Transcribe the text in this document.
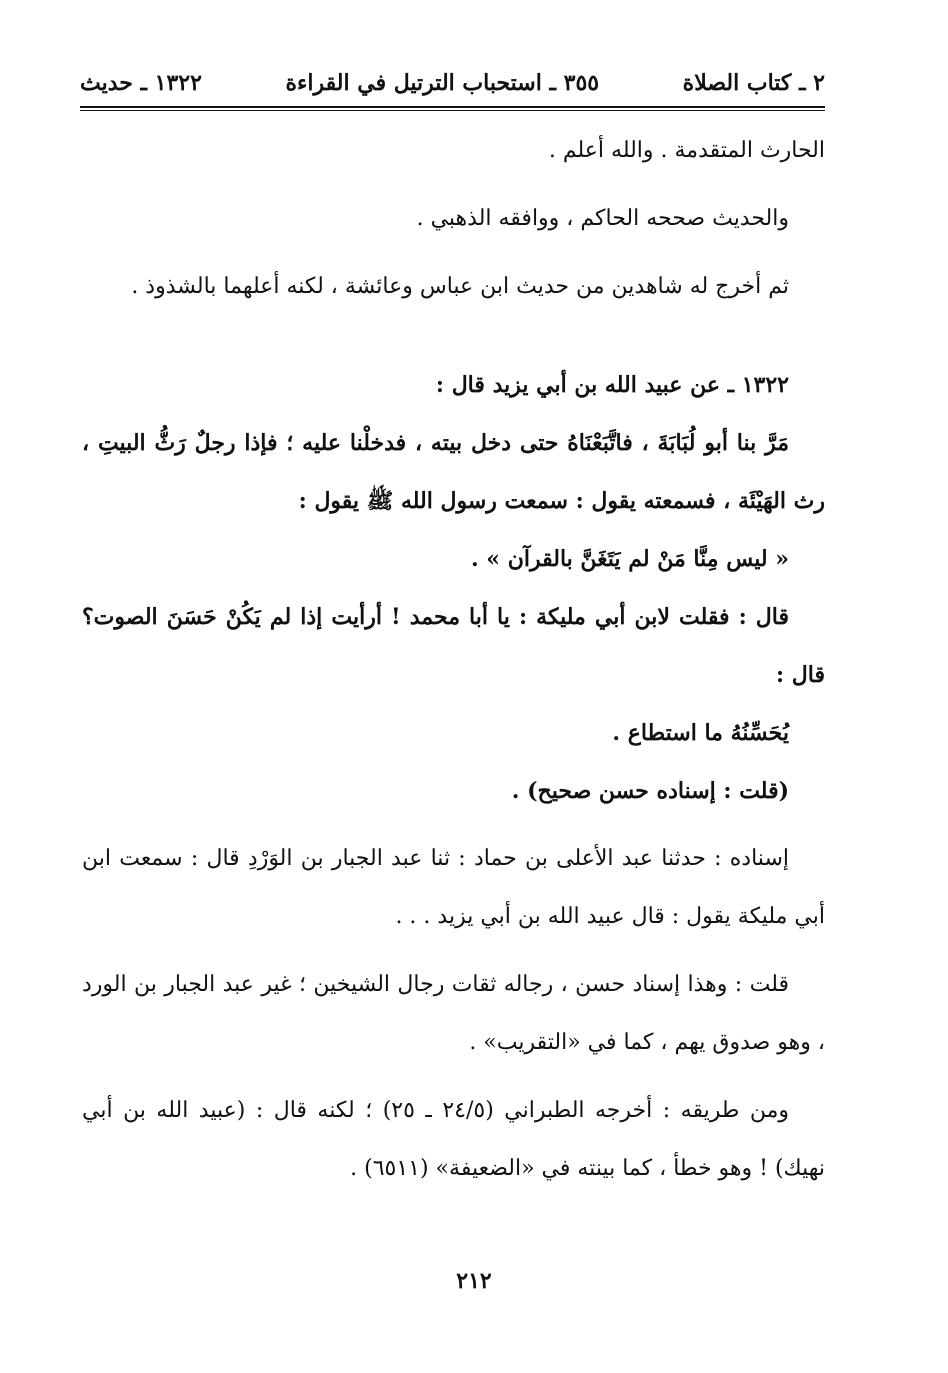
٢ ـ كتاب الصلاة
٣٥٥ ـ استحباب الترتيل في القراءة
١٣٢٢ ـ حديث

الحارث المتقدمة . والله أعلم .

والحديث صححه الحاكم ، ووافقه الذهبي .

ثم أخرج له شاهدين من حديث ابن عباس وعائشة ، لكنه أعلهما بالشذوذ .

١٣٢٢ ـ عن عبيد الله بن أبي يزيد قال :

مَرَّ بنا أبو لُبَابَةَ ، فاتَّبَعْنَاهُ حتى دخل بيته ، فدخلْنا عليه ؛ فإذا رجلٌ رَثُّ البيتِ ، رث الهَيْئَة ، فسمعته يقول : سمعت رسول الله ﷺ يقول :

« ليس مِنَّا مَنْ لم يَتَغَنَّ بالقرآن » .

قال : فقلت لابن أبي مليكة : يا أبا محمد ! أرأيت إذا لم يَكُنْ حَسَنَ الصوت؟ قال :

يُحَسِّنُهُ ما استطاع .

(قلت : إسناده حسن صحيح) .

إسناده : حدثنا عبد الأعلى بن حماد : ثنا عبد الجبار بن الوَرْدِ قال : سمعت ابن أبي مليكة يقول : قال عبيد الله بن أبي يزيد . . .

قلت : وهذا إسناد حسن ، رجاله ثقات رجال الشيخين ؛ غير عبد الجبار بن الورد ، وهو صدوق يهم ، كما في «التقريب» .

ومن طريقه : أخرجه الطبراني (٢٤/٥ ـ ٢٥) ؛ لكنه قال : (عبيد الله بن أبي نهيك) ! وهو خطأ ، كما بينته في «الضعيفة» (٦٥١١) .

٢١٢
